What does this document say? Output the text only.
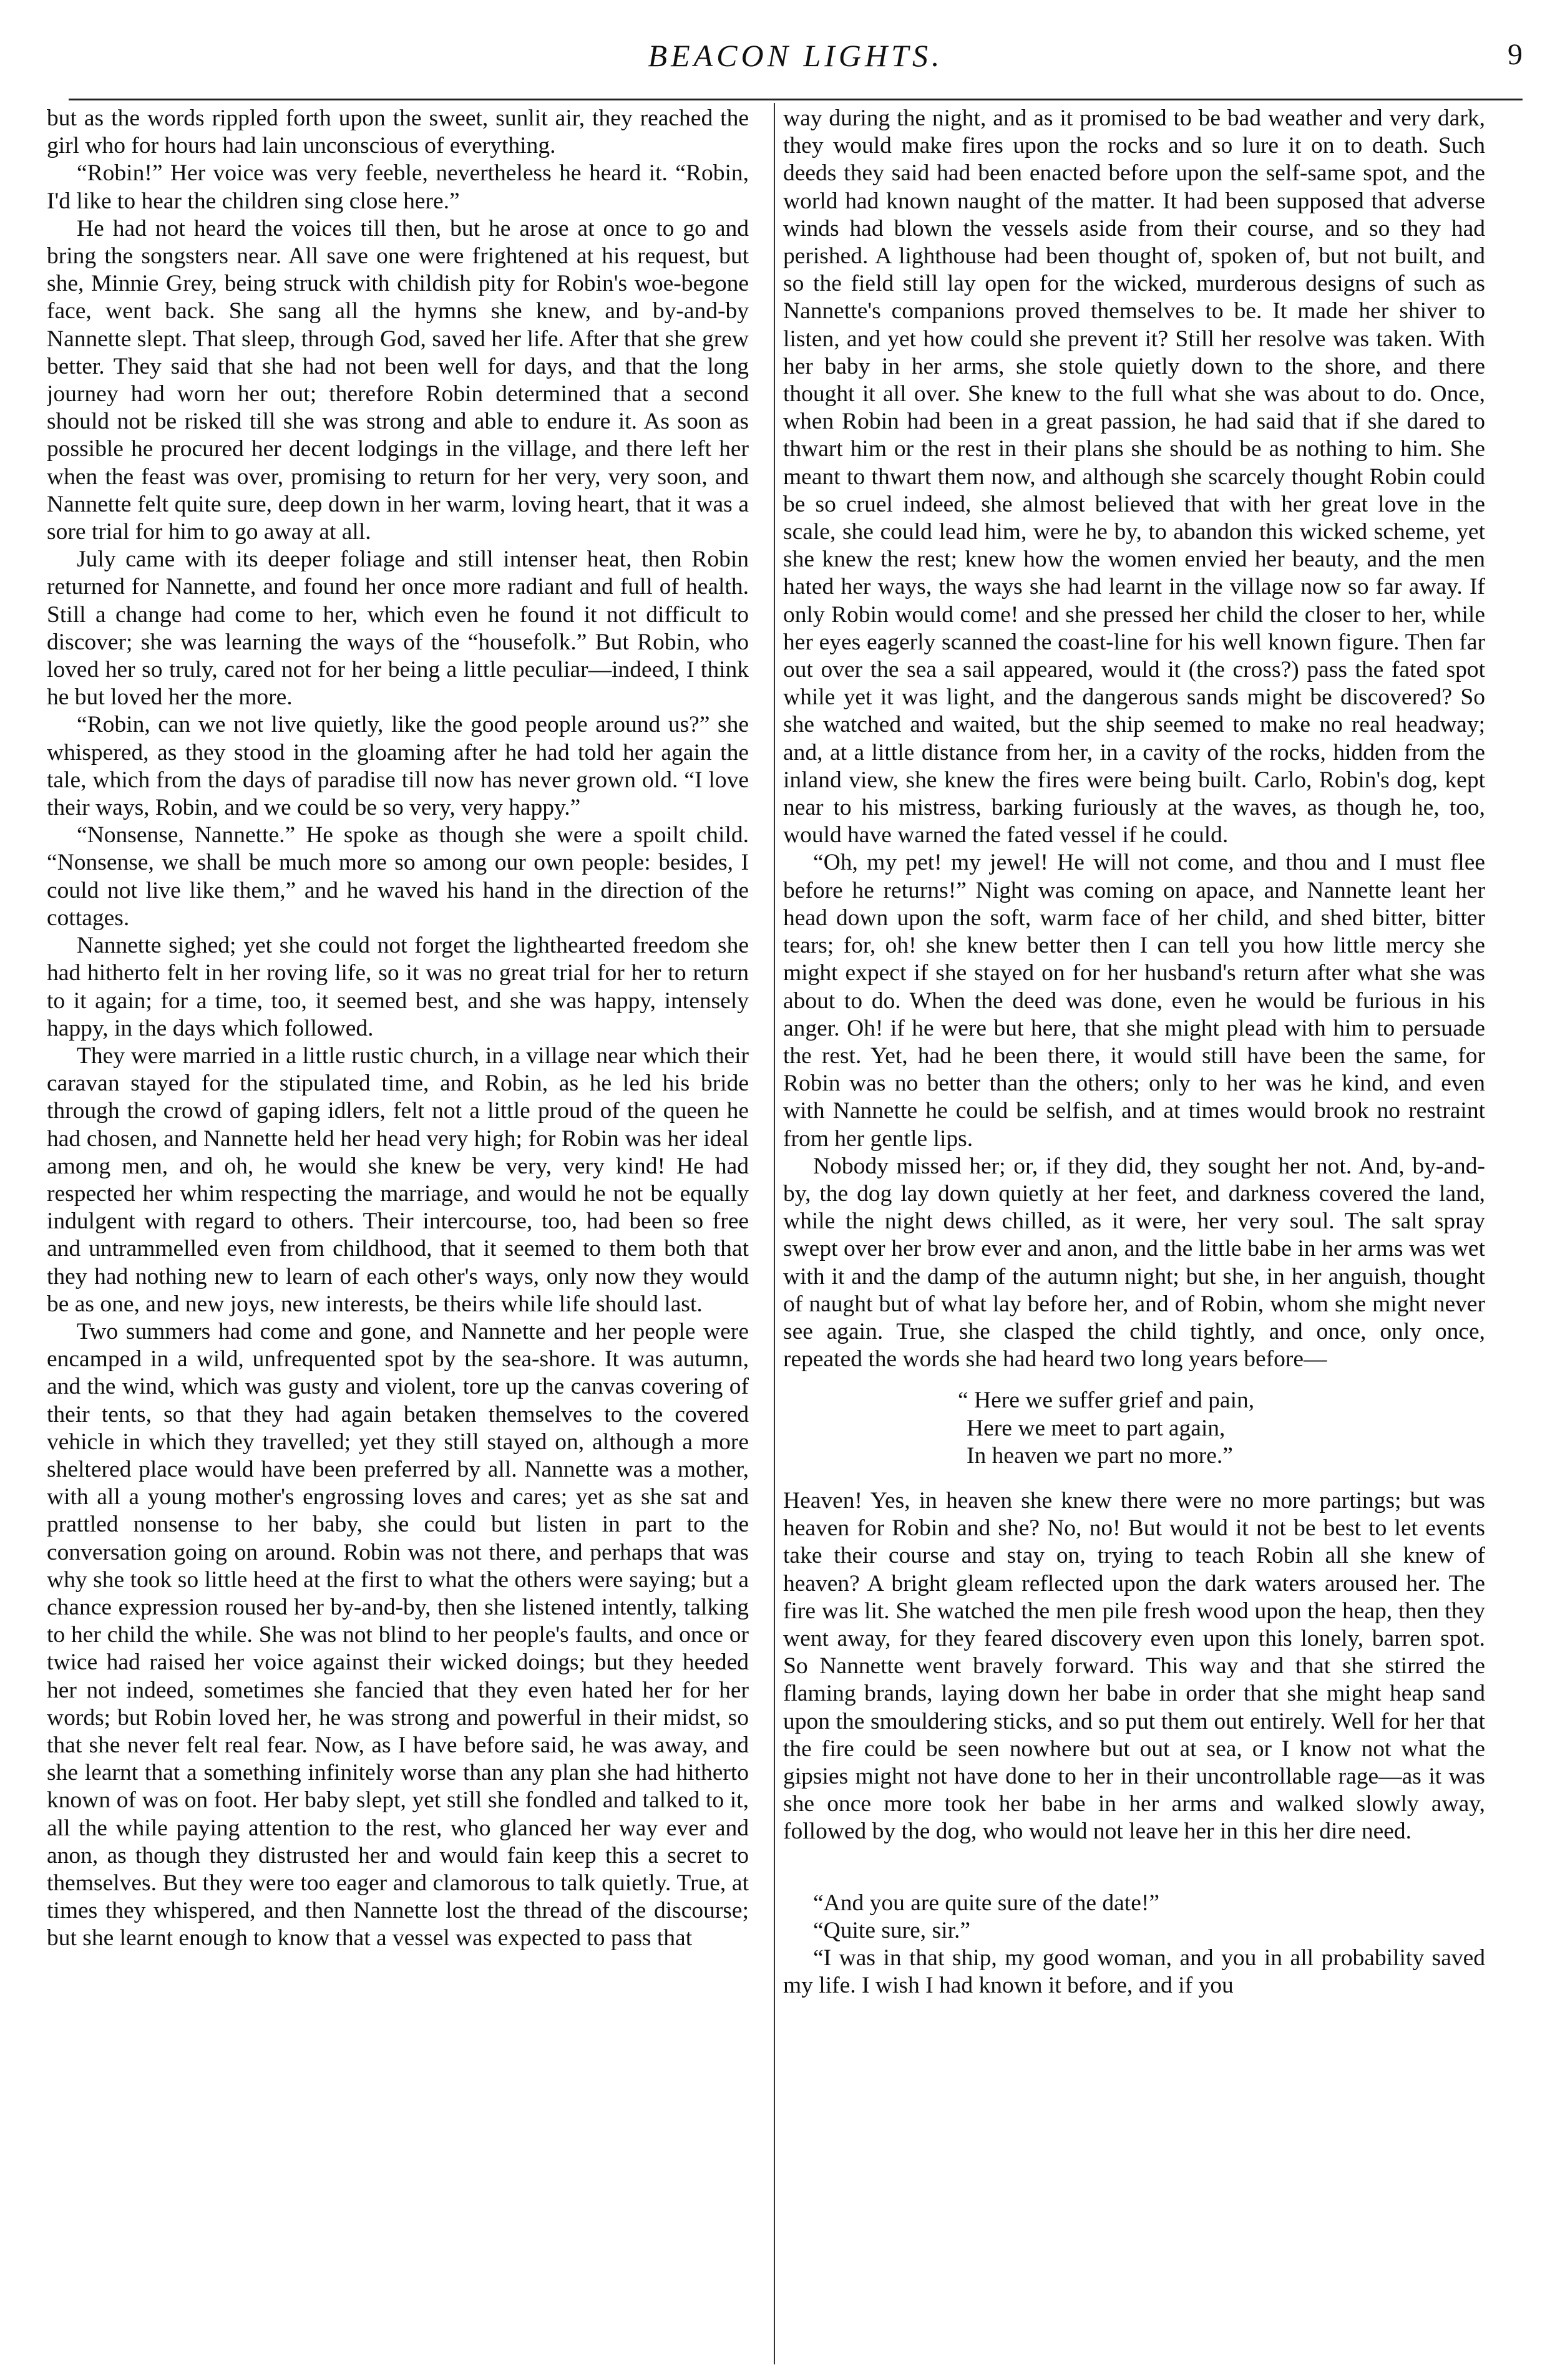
BEACON LIGHTS.	9

but as the words rippled forth upon the sweet, sunlit air, they reached the girl who for hours had lain unconscious of everything.

“Robin!” Her voice was very feeble, nevertheless he heard it. “Robin, I'd like to hear the children sing close here.”

He had not heard the voices till then, but he arose at once to go and bring the songsters near. All save one were frightened at his request, but she, Minnie Grey, being struck with childish pity for Robin's woe-begone face, went back. She sang all the hymns she knew, and by-and-by Nannette slept. That sleep, through God, saved her life. After that she grew better. They said that she had not been well for days, and that the long journey had worn her out; therefore Robin determined that a second should not be risked till she was strong and able to endure it. As soon as possible he procured her decent lodgings in the village, and there left her when the feast was over, promising to return for her very, very soon, and Nannette felt quite sure, deep down in her warm, loving heart, that it was a sore trial for him to go away at all.

July came with its deeper foliage and still intenser heat, then Robin returned for Nannette, and found her once more radiant and full of health. Still a change had come to her, which even he found it not difficult to discover; she was learning the ways of the “housefolk.” But Robin, who loved her so truly, cared not for her being a little peculiar—indeed, I think he but loved her the more.

“Robin, can we not live quietly, like the good people around us?” she whispered, as they stood in the gloaming after he had told her again the tale, which from the days of paradise till now has never grown old. “I love their ways, Robin, and we could be so very, very happy.”

“Nonsense, Nannette.” He spoke as though she were a spoilt child. “Nonsense, we shall be much more so among our own people: besides, I could not live like them,” and he waved his hand in the direction of the cottages.

Nannette sighed; yet she could not forget the lighthearted freedom she had hitherto felt in her roving life, so it was no great trial for her to return to it again; for a time, too, it seemed best, and she was happy, intensely happy, in the days which followed.

They were married in a little rustic church, in a village near which their caravan stayed for the stipulated time, and Robin, as he led his bride through the crowd of gaping idlers, felt not a little proud of the queen he had chosen, and Nannette held her head very high; for Robin was her ideal among men, and oh, he would she knew be very, very kind! He had respected her whim respecting the marriage, and would he not be equally indulgent with regard to others. Their intercourse, too, had been so free and untrammelled even from childhood, that it seemed to them both that they had nothing new to learn of each other's ways, only now they would be as one, and new joys, new interests, be theirs while life should last.

Two summers had come and gone, and Nannette and her people were encamped in a wild, unfrequented spot by the sea-shore. It was autumn, and the wind, which was gusty and violent, tore up the canvas covering of their tents, so that they had again betaken themselves to the covered vehicle in which they travelled; yet they still stayed on, although a more sheltered place would have been preferred by all. Nannette was a mother, with all a young mother's engrossing loves and cares; yet as she sat and prattled nonsense to her baby, she could but listen in part to the conversation going on around. Robin was not there, and perhaps that was why she took so little heed at the first to what the others were saying; but a chance expression roused her by-and-by, then she listened intently, talking to her child the while. She was not blind to her people's faults, and once or twice had raised her voice against their wicked doings; but they heeded her not indeed, sometimes she fancied that they even hated her for her words; but Robin loved her, he was strong and powerful in their midst, so that she never felt real fear. Now, as I have before said, he was away, and she learnt that a something infinitely worse than any plan she had hitherto known of was on foot. Her baby slept, yet still she fondled and talked to it, all the while paying attention to the rest, who glanced her way ever and anon, as though they distrusted her and would fain keep this a secret to themselves. But they were too eager and clamorous to talk quietly. True, at times they whispered, and then Nannette lost the thread of the discourse; but she learnt enough to know that a vessel was expected to pass that

way during the night, and as it promised to be bad weather and very dark, they would make fires upon the rocks and so lure it on to death. Such deeds they said had been enacted before upon the self-same spot, and the world had known naught of the matter. It had been supposed that adverse winds had blown the vessels aside from their course, and so they had perished. A lighthouse had been thought of, spoken of, but not built, and so the field still lay open for the wicked, murderous designs of such as Nannette's companions proved themselves to be. It made her shiver to listen, and yet how could she prevent it? Still her resolve was taken. With her baby in her arms, she stole quietly down to the shore, and there thought it all over. She knew to the full what she was about to do. Once, when Robin had been in a great passion, he had said that if she dared to thwart him or the rest in their plans she should be as nothing to him. She meant to thwart them now, and although she scarcely thought Robin could be so cruel indeed, she almost believed that with her great love in the scale, she could lead him, were he by, to abandon this wicked scheme, yet she knew the rest; knew how the women envied her beauty, and the men hated her ways, the ways she had learnt in the village now so far away. If only Robin would come! and she pressed her child the closer to her, while her eyes eagerly scanned the coast-line for his well known figure. Then far out over the sea a sail appeared, would it (the cross?) pass the fated spot while yet it was light, and the dangerous sands might be discovered? So she watched and waited, but the ship seemed to make no real headway; and, at a little distance from her, in a cavity of the rocks, hidden from the inland view, she knew the fires were being built. Carlo, Robin's dog, kept near to his mistress, barking furiously at the waves, as though he, too, would have warned the fated vessel if he could.

“Oh, my pet! my jewel! He will not come, and thou and I must flee before he returns!” Night was coming on apace, and Nannette leant her head down upon the soft, warm face of her child, and shed bitter, bitter tears; for, oh! she knew better then I can tell you how little mercy she might expect if she stayed on for her husband's return after what she was about to do. When the deed was done, even he would be furious in his anger. Oh! if he were but here, that she might plead with him to persuade the rest. Yet, had he been there, it would still have been the same, for Robin was no better than the others; only to her was he kind, and even with Nannette he could be selfish, and at times would brook no restraint from her gentle lips.

Nobody missed her; or, if they did, they sought her not. And, by-and-by, the dog lay down quietly at her feet, and darkness covered the land, while the night dews chilled, as it were, her very soul. The salt spray swept over her brow ever and anon, and the little babe in her arms was wet with it and the damp of the autumn night; but she, in her anguish, thought of naught but of what lay before her, and of Robin, whom she might never see again. True, she clasped the child tightly, and once, only once, repeated the words she had heard two long years before—

“ Here we suffer grief and pain,
Here we meet to part again,
In heaven we part no more.”

Heaven! Yes, in heaven she knew there were no more partings; but was heaven for Robin and she? No, no! But would it not be best to let events take their course and stay on, trying to teach Robin all she knew of heaven? A bright gleam reflected upon the dark waters aroused her. The fire was lit. She watched the men pile fresh wood upon the heap, then they went away, for they feared discovery even upon this lonely, barren spot. So Nannette went bravely forward. This way and that she stirred the flaming brands, laying down her babe in order that she might heap sand upon the smouldering sticks, and so put them out entirely. Well for her that the fire could be seen nowhere but out at sea, or I know not what the gipsies might not have done to her in their uncontrollable rage—as it was she once more took her babe in her arms and walked slowly away, followed by the dog, who would not leave her in this her dire need.

“And you are quite sure of the date!”

“Quite sure, sir.”

“I was in that ship, my good woman, and you in all probability saved my life. I wish I had known it before, and if you
